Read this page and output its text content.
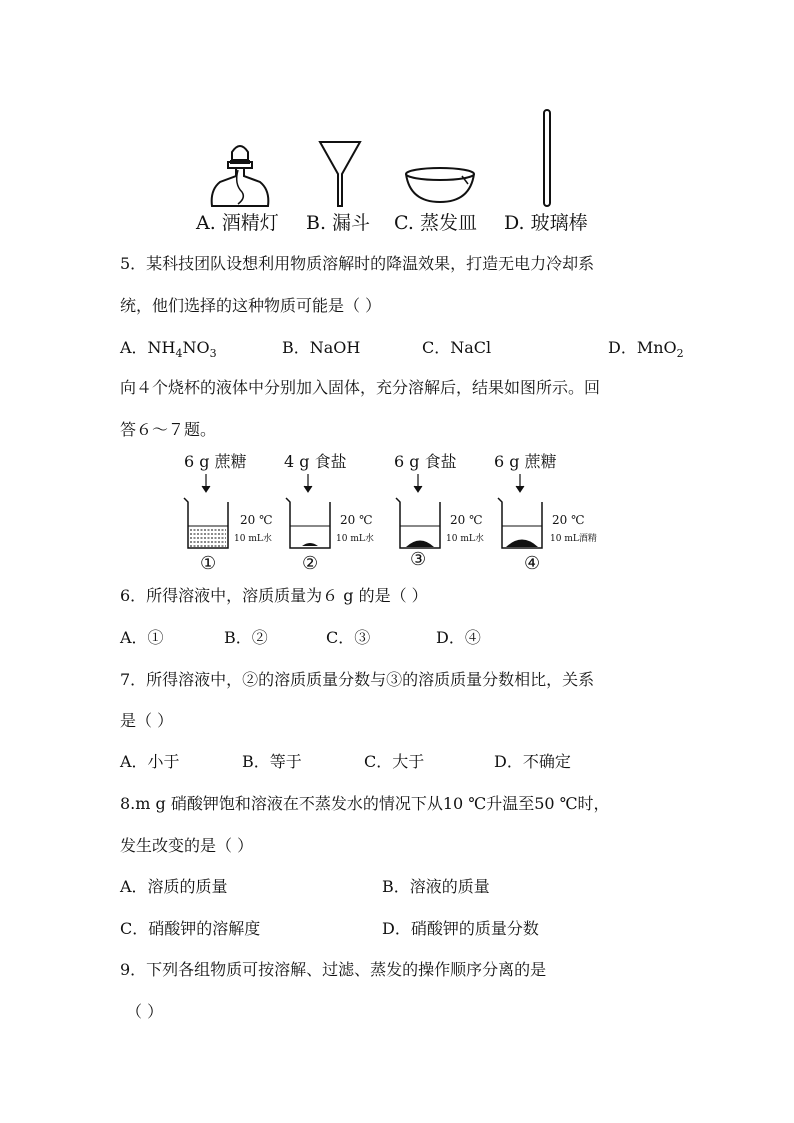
A. 酒精灯 B. 漏斗 C. 蒸发皿 D. 玻璃棒
5．某科技团队设想利用物质溶解时的降温效果，打造无电力冷却系
统，他们选择的这种物质可能是（ ）
A．$NH_4NO_3$	B．NaOH	C．NaCl	D．MnO$_2$
向４个烧杯的液体中分别加入固体，充分溶解后，结果如图所示。回
答６～７题。
6 g 蔗糖
20 ℃
10 mL水
①
4 g 食盐
20 ℃
10 mL水
②
6 g 食盐
20 ℃
10 mL水
③
6 g 蔗糖
20 ℃
10 mL酒精
④
6．所得溶液中，溶质质量为６ g 的是（ ）
A．①	B．②	C．③	D．④
7．所得溶液中，②的溶质质量分数与③的溶质质量分数相比，关系
是（ ）
A．小于	B．等于	C．大于	D．不确定
8.m g 硝酸钾饱和溶液在不蒸发水的情况下从10 ℃升温至50 ℃时，
发生改变的是（ ）
A．溶质的质量	B．溶液的质量
C．硝酸钾的溶解度	D．硝酸钾的质量分数
9．下列各组物质可按溶解、过滤、蒸发的操作顺序分离的是
（ ）
